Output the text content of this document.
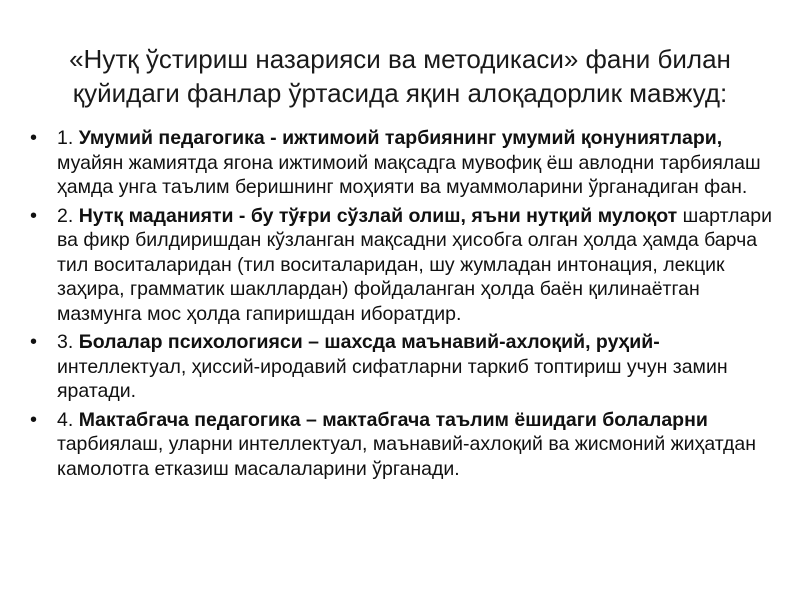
«Нутқ ўстириш назарияси ва методикаси» фани билан қуйидаги фанлар ўртасида яқин алоқадорлик мавжуд:
• 1. Умумий педагогика - ижтимоий тарбиянинг умумий қонуниятлари, муайян жамиятда ягона ижтимоий мақсадга мувофиқ ёш авлодни тарбиялаш ҳамда унга таълим беришнинг моҳияти ва муаммоларини ўрганадиган фан.
• 2. Нутқ маданияти - бу тўғри сўзлай олиш, яъни нутқий мулоқот шартлари ва фикр билдиришдан кўзланган мақсадни ҳисобга олган ҳолда ҳамда барча тил воситаларидан (тил воситаларидан, шу жумладан интонация, лекцик заҳира, грамматик шакллардан) фойдаланган ҳолда баён қилинаётган мазмунга мос ҳолда гапиришдан иборатдир.
• 3. Болалар психологияси – шахсда маънавий-ахлоқий, руҳий- интеллектуал, ҳиссий-иродавий сифатларни таркиб топтириш учун замин яратади.
• 4. Мактабгача педагогика – мактабгача таълим ёшидаги болаларни тарбиялаш, уларни интеллектуал, маънавий-ахлоқий ва жисмоний жиҳатдан камолотга етказиш масалаларини ўрганади.
